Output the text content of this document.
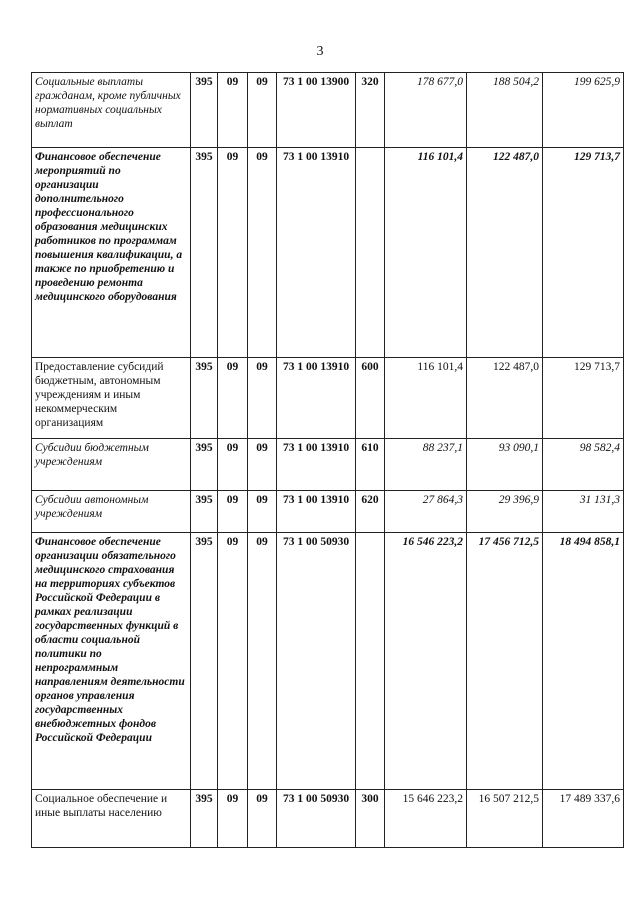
3
Социальные выплаты гражданам, кроме публичных нормативных социальных выплат	395	09	09	73 1 00 13900	320	178 677,0	188 504,2	199 625,9
Финансовое обеспечение мероприятий по организации дополнительного профессионального образования медицинских работников по программам повышения квалификации, а также по приобретению и проведению ремонта медицинского оборудования	395	09	09	73 1 00 13910		116 101,4	122 487,0	129 713,7
Предоставление субсидий бюджетным, автономным учреждениям и иным некоммерческим организациям	395	09	09	73 1 00 13910	600	116 101,4	122 487,0	129 713,7
Субсидии бюджетным учреждениям	395	09	09	73 1 00 13910	610	88 237,1	93 090,1	98 582,4
Субсидии автономным учреждениям	395	09	09	73 1 00 13910	620	27 864,3	29 396,9	31 131,3
Финансовое обеспечение организации обязательного медицинского страхования на территориях субъектов Российской Федерации в рамках реализации государственных функций в области социальной политики по непрограммным направлениям деятельности органов управления государственных внебюджетных фондов Российской Федерации	395	09	09	73 1 00 50930		16 546 223,2	17 456 712,5	18 494 858,1
Социальное обеспечение и иные выплаты населению	395	09	09	73 1 00 50930	300	15 646 223,2	16 507 212,5	17 489 337,6
